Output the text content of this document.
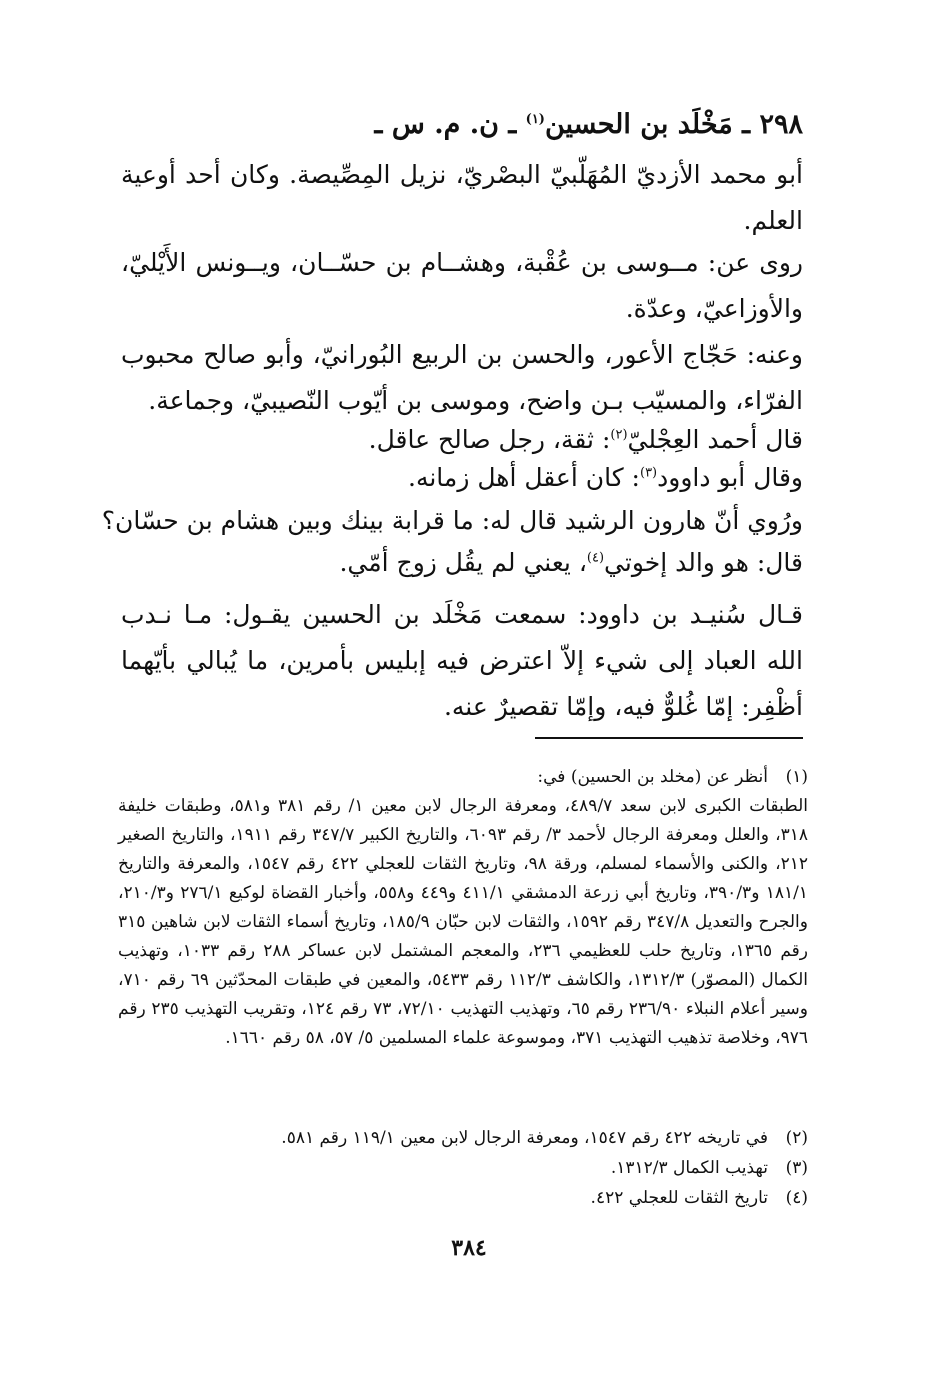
٢٩٨ ـ مَخْلَد بن الحسين$^{(١)}$ ـ ن. م. س ـ
أبو محمد الأزديّ المُهَلّبيّ البصْريّ، نزيل المِصِّيصة. وكان أحد أوعية العلم.
روى عن: مــوسى بن عُقْبة، وهشــام بن حسّــان، ويــونس الأَيْليّ، والأوزاعيّ، وعدّة.
وعنه: حَجّاج الأعور، والحسن بن الربيع البُورانيّ، وأبو صالح محبوب الفرّاء، والمسيّب بـن واضح، وموسى بن أيّوب النّصيبيّ، وجماعة.
قال أحمد العِجْليّ$^{(٢)}$: ثقة، رجل صالح عاقل.
وقال أبو داوود$^{(٣)}$: كان أعقل أهل زمانه.
ورُوي أنّ هارون الرشيد قال له: ما قرابة بينك وبين هشام بن حسّان؟
قال: هو والد إخوتي$^{(٤)}$، يعني لم يقُل زوج أمّي.
قـال سُنيـد بن داوود: سمعت مَخْلَد بن الحسين يقـول: مـا نـدب الله العباد إلى شيء إلاّ اعترض فيه إبليس بأمرين، ما يُبالي بأيّهما أظْفِر: إمّا غُلوٌّ فيه، وإمّا تقصيرٌ عنه.
(١)أنظر عن (مخلد بن الحسين) في:
الطبقات الكبرى لابن سعد ٤٨٩/٧، ومعرفة الرجال لابن معين ١/ رقم ٣٨١ و٥٨١، وطبقات خليفة ٣١٨، والعلل ومعرفة الرجال لأحمد ٣/ رقم ٦٠٩٣، والتاريخ الكبير ٣٤٧/٧ رقم ١٩١١، والتاريخ الصغير ٢١٢، والكنى والأسماء لمسلم، ورقة ٩٨، وتاريخ الثقات للعجلي ٤٢٢ رقم ١٥٤٧، والمعرفة والتاريخ ١٨١/١ و٣٩٠/٣، وتاريخ أبي زرعة الدمشقي ٤١١/١ و٤٤٩ و٥٥٨، وأخبار القضاة لوكيع ٢٧٦/١ و٢١٠/٣، والجرح والتعديل ٣٤٧/٨ رقم ١٥٩٢، والثقات لابن حبّان ١٨٥/٩، وتاريخ أسماء الثقات لابن شاهين ٣١٥ رقم ١٣٦٥، وتاريخ حلب للعظيمي ٢٣٦، والمعجم المشتمل لابن عساكر ٢٨٨ رقم ١٠٣٣، وتهذيب الكمال (المصوّر) ١٣١٢/٣، والكاشف ١١٢/٣ رقم ٥٤٣٣، والمعين في طبقات المحدّثين ٦٩ رقم ٧١٠، وسير أعلام النبلاء ٢٣٦/٩٠ رقم ٦٥، وتهذيب التهذيب ٧٢/١٠، ٧٣ رقم ١٢٤، وتقريب التهذيب ٢٣٥ رقم ٩٧٦، وخلاصة تذهيب التهذيب ٣٧١، وموسوعة علماء المسلمين ٥/ ٥٧، ٥٨ رقم ١٦٦٠.
(٢)في تاريخه ٤٢٢ رقم ١٥٤٧، ومعرفة الرجال لابن معين ١١٩/١ رقم ٥٨١.
(٣)تهذيب الكمال ١٣١٢/٣.
(٤)تاريخ الثقات للعجلي ٤٢٢.
٣٨٤
